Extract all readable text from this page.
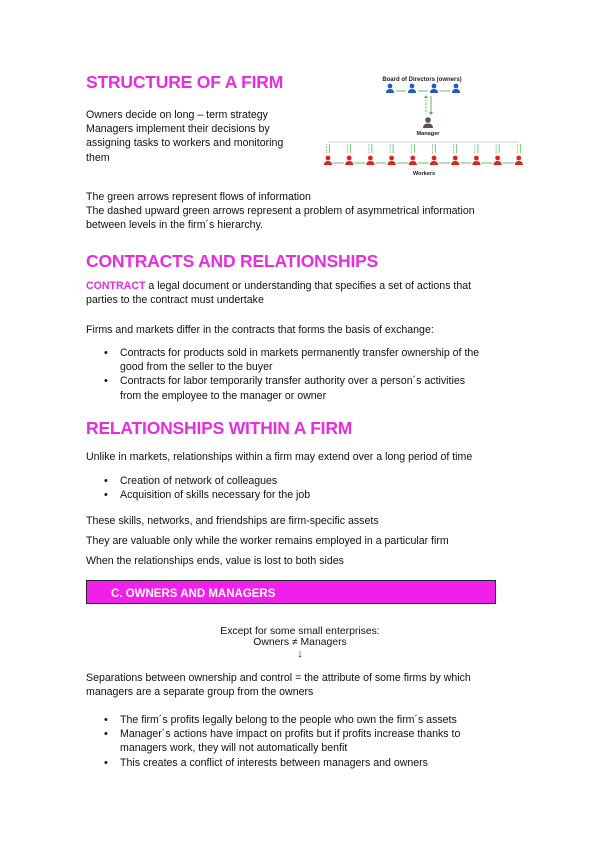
STRUCTURE OF A FIRM

Owners decide on long – term strategy

Managers implement their decisions by

assigning tasks to workers and monitoring

them

Board of Directors (owners)
Manager
Workers

The green arrows represent flows of information

The dashed upward green arrows represent a problem of asymmetrical information

between levels in the firm´s hierarchy.

CONTRACTS AND RELATIONSHIPS

CONTRACT a legal document or understanding that specifies a set of actions that

parties to the contract must undertake

Firms and markets differ in the contracts that forms the basis of exchange:

• Contracts for products sold in markets permanently transfer ownership of the
good from the seller to the buyer
• Contracts for labor temporarily transfer authority over a person´s activities
from the employee to the manager or owner
RELATIONSHIPS WITHIN A FIRM

Unlike in markets, relationships within a firm may extend over a long period of time

• Creation of network of colleagues
• Acquisition of skills necessary for the job

These skills, networks, and friendships are firm-specific assets

They are valuable only while the worker remains employed in a particular firm

When the relationships ends, value is lost to both sides

C. OWNERS AND MANAGERS
Except for some small enterprises:
Owners ≠ Managers
↓

Separations between ownership and control = the attribute of some firms by which

managers are a separate group from the owners

• The firm´s profits legally belong to the people who own the firm´s assets
• Manager´s actions have impact on profits but if profits increase thanks to
managers work, they will not automatically benfit
• This creates a conflict of interests between managers and owners
